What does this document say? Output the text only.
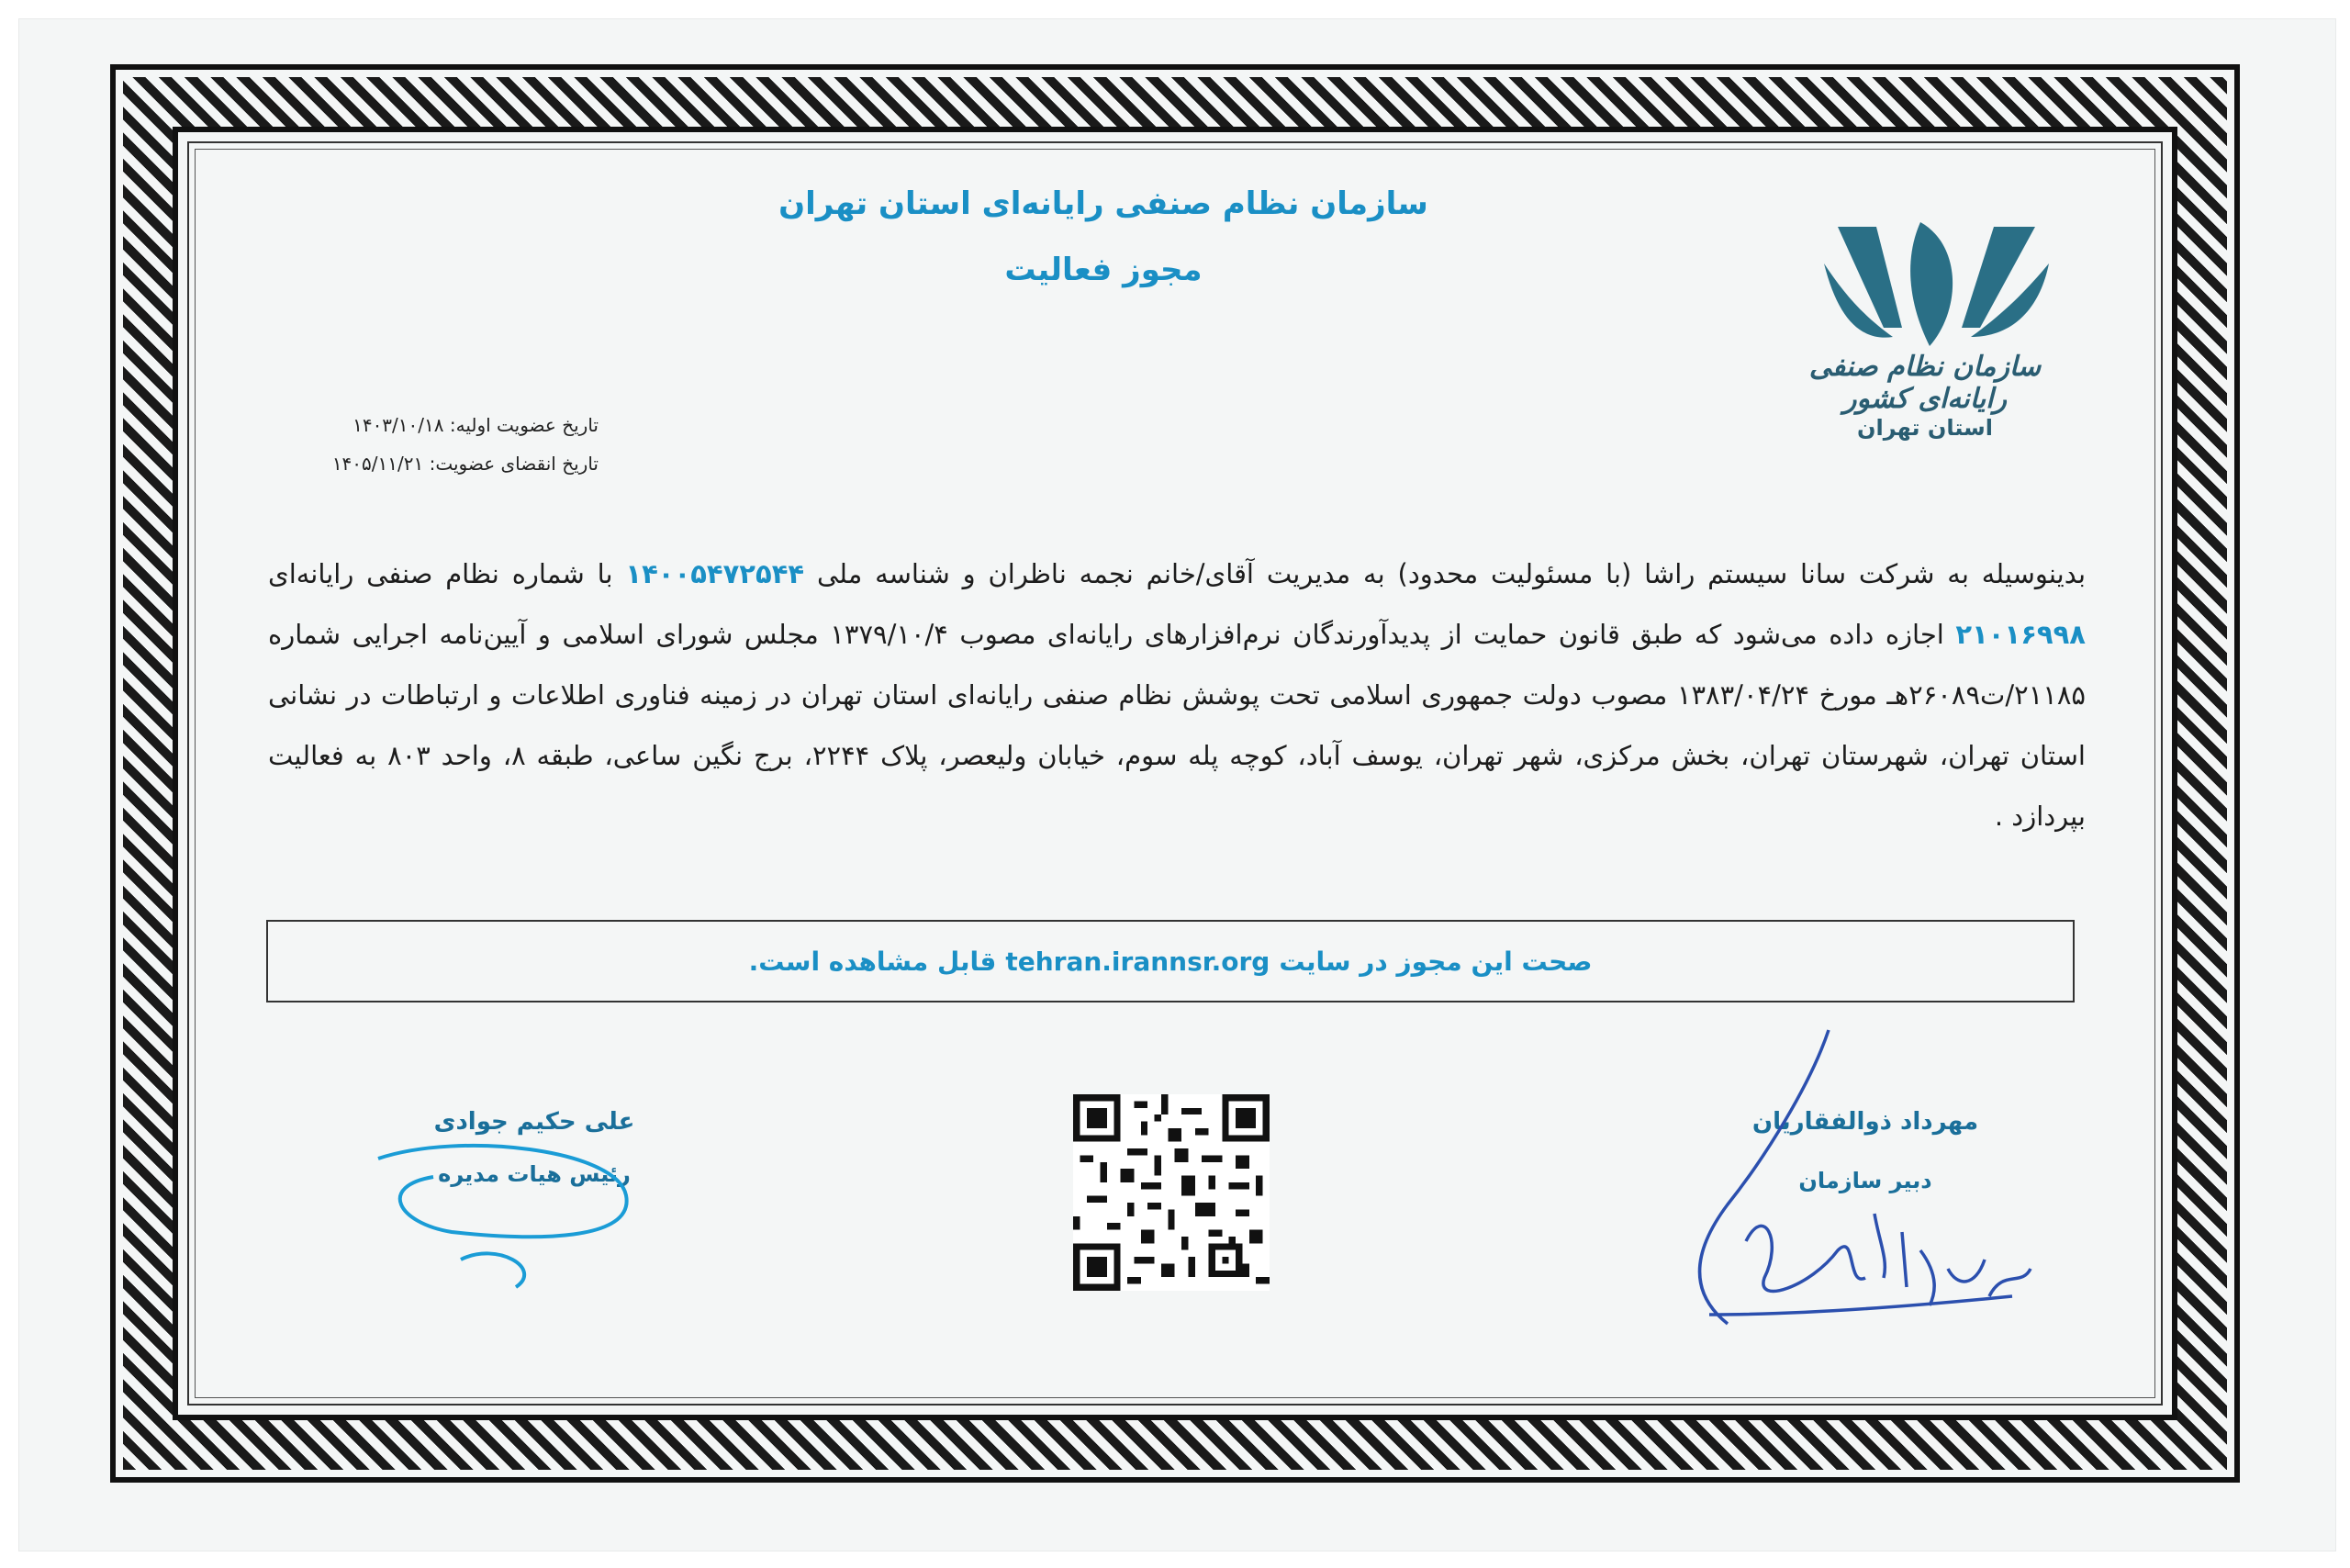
سازمان نظام صنفی رایانه‌ای استان تهران
مجوز فعالیت
سازمان نظام صنفی رایانه‌ای کشور
استان تهران
تاریخ عضویت اولیه: ۱۴۰۳/۱۰/۱۸
تاریخ انقضای عضویت: ۱۴۰۵/۱۱/۲۱
بدینوسیله به شرکت سانا سیستم راشا (با مسئولیت محدود) به مدیریت آقای/خانم نجمه ناظران و شناسه ملی ۱۴۰۰۵۴۷۲۵۴۴ با شماره نظام صنفی رایانه‌ای ۲۱۰۱۶۹۹۸ اجازه داده می‌شود که طبق قانون حمایت از پدیدآورندگان نرم‌افزارهای رایانه‌ای مصوب ۱۳۷۹/۱۰/۴ مجلس شورای اسلامی و آیین‌نامه اجرایی شماره ۲۱۱۸۵/ت۲۶۰۸۹هـ مورخ ۱۳۸۳/۰۴/۲۴ مصوب دولت جمهوری اسلامی تحت پوشش نظام صنفی رایانه‌ای استان تهران در زمینه فناوری اطلاعات و ارتباطات در نشانی استان تهران، شهرستان تهران، بخش مرکزی، شهر تهران، یوسف آباد، کوچه پله سوم، خیابان ولیعصر، پلاک ۲۲۴۴، برج نگین ساعی، طبقه ۸، واحد ۸۰۳ به فعالیت بپردازد .
صحت این مجوز در سایت
tehran.irannsr.org
قابل مشاهده است.
علی حکیم جوادی
رئیس هیات مدیره
مهرداد ذوالفقاریان
دبیر سازمان
